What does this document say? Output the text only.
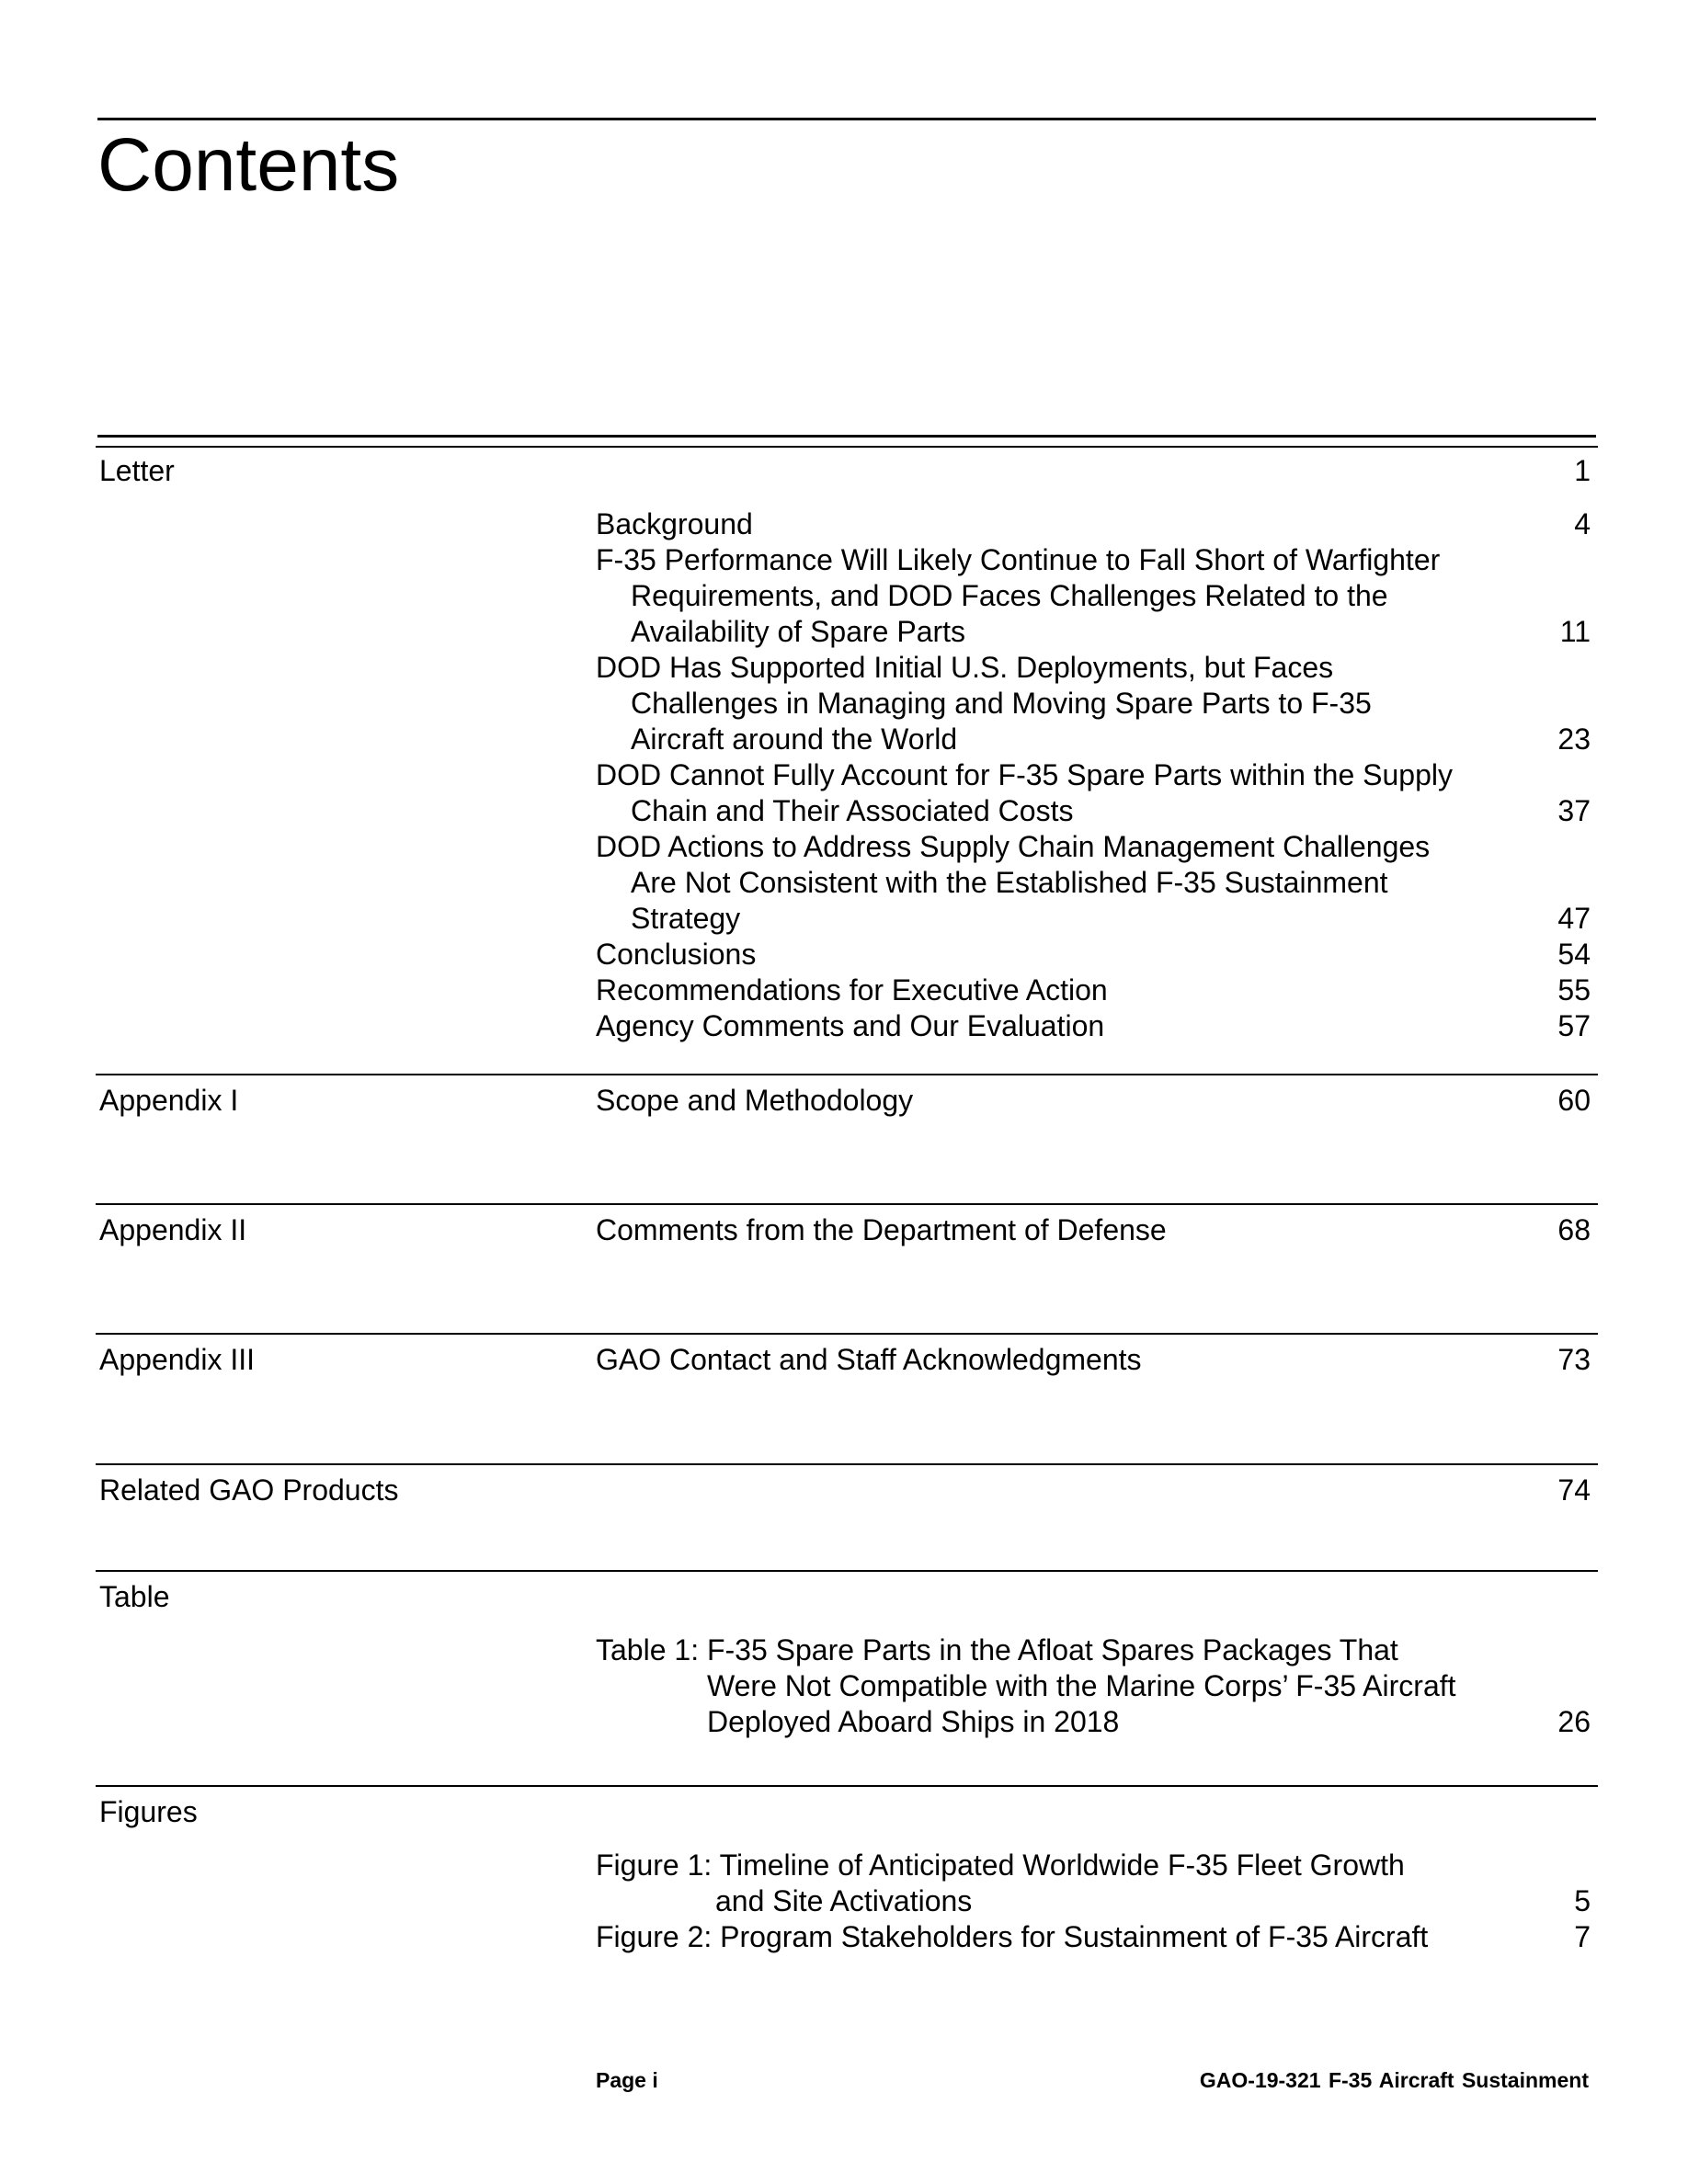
Contents
Letter	1
Background	4
F-35 Performance Will Likely Continue to Fall Short of Warfighter
Requirements, and DOD Faces Challenges Related to the
Availability of Spare Parts	11
DOD Has Supported Initial U.S. Deployments, but Faces
Challenges in Managing and Moving Spare Parts to F-35
Aircraft around the World	23
DOD Cannot Fully Account for F-35 Spare Parts within the Supply
Chain and Their Associated Costs	37
DOD Actions to Address Supply Chain Management Challenges
Are Not Consistent with the Established F-35 Sustainment
Strategy	47
Conclusions	54
Recommendations for Executive Action	55
Agency Comments and Our Evaluation	57
Appendix I	Scope and Methodology	60
Appendix II	Comments from the Department of Defense	68
Appendix III	GAO Contact and Staff Acknowledgments	73
Related GAO Products	74
Table
Table 1: F-35 Spare Parts in the Afloat Spares Packages That
Were Not Compatible with the Marine Corps’ F-35 Aircraft
Deployed Aboard Ships in 2018	26
Figures
Figure 1: Timeline of Anticipated Worldwide F-35 Fleet Growth
and Site Activations	5
Figure 2: Program Stakeholders for Sustainment of F-35 Aircraft	7
Page i	GAO-19-321 F-35 Aircraft Sustainment
